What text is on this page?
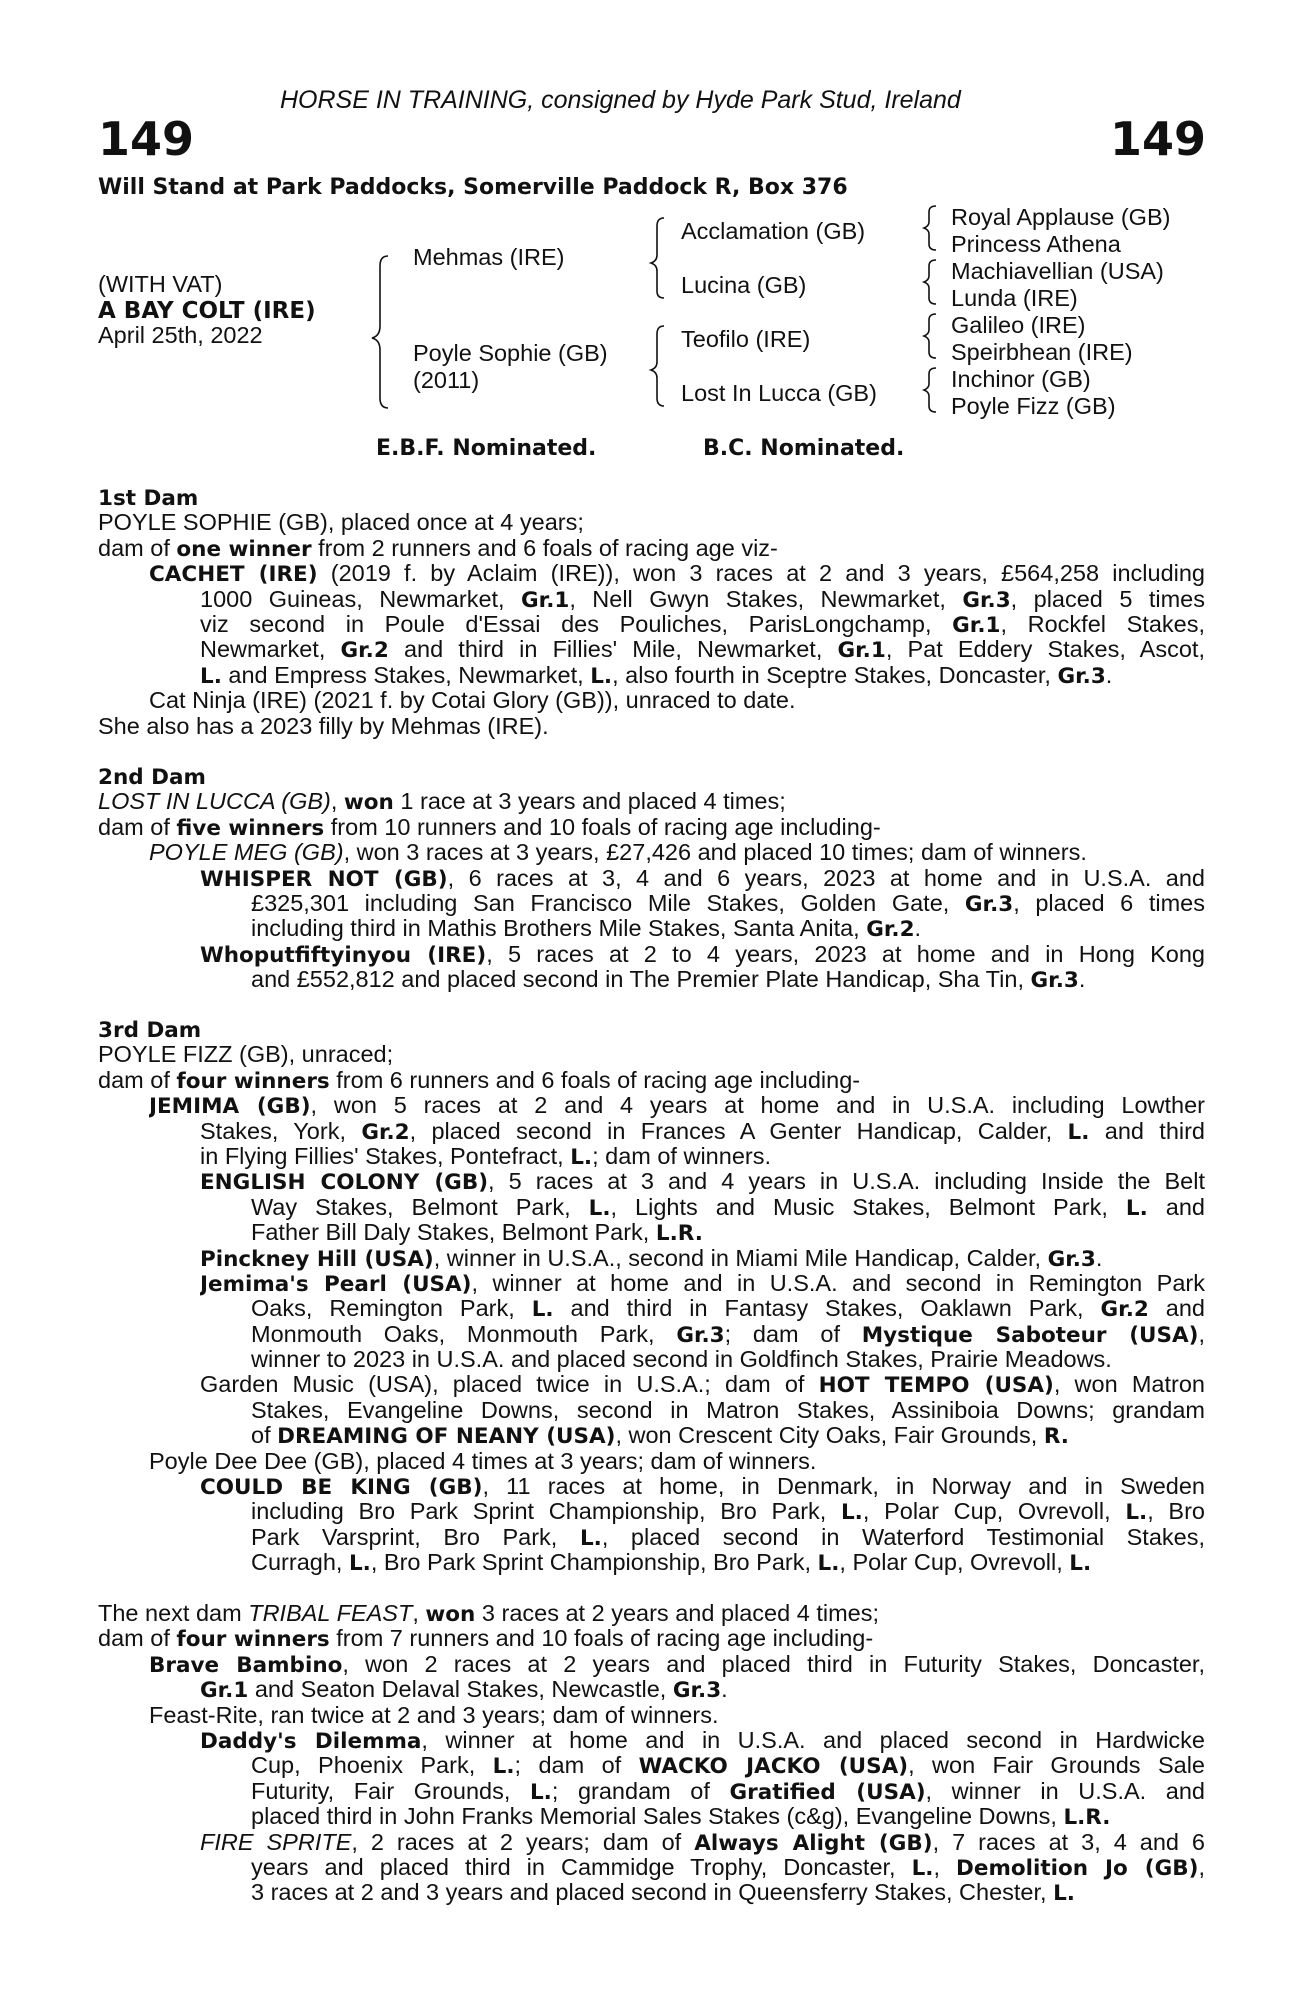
HORSE IN TRAINING, consigned by Hyde Park Stud, Ireland
149	149
Will Stand at Park Paddocks, Somerville Paddock R, Box 376
(WITH VAT)
A BAY COLT (IRE)
April 25th, 2022
Mehmas (IRE)
Poyle Sophie (GB)
(2011)
Acclamation (GB)
Lucina (GB)
Teofilo (IRE)
Lost In Lucca (GB)
Royal Applause (GB)
Princess Athena
Machiavellian (USA)
Lunda (IRE)
Galileo (IRE)
Speirbhean (IRE)
Inchinor (GB)
Poyle Fizz (GB)
E.B.F. Nominated.	B.C. Nominated.
1st Dam
POYLE SOPHIE (GB), placed once at 4 years;
dam of one winner from 2 runners and 6 foals of racing age viz-
CACHET (IRE) (2019 f. by Aclaim (IRE)), won 3 races at 2 and 3 years, £564,258 including
1000 Guineas, Newmarket, Gr.1, Nell Gwyn Stakes, Newmarket, Gr.3, placed 5 times
viz second in Poule d'Essai des Pouliches, ParisLongchamp, Gr.1, Rockfel Stakes,
Newmarket, Gr.2 and third in Fillies' Mile, Newmarket, Gr.1, Pat Eddery Stakes, Ascot,
L. and Empress Stakes, Newmarket, L., also fourth in Sceptre Stakes, Doncaster, Gr.3.
Cat Ninja (IRE) (2021 f. by Cotai Glory (GB)), unraced to date.
She also has a 2023 filly by Mehmas (IRE).
2nd Dam
LOST IN LUCCA (GB), won 1 race at 3 years and placed 4 times;
dam of five winners from 10 runners and 10 foals of racing age including-
POYLE MEG (GB), won 3 races at 3 years, £27,426 and placed 10 times; dam of winners.
WHISPER NOT (GB), 6 races at 3, 4 and 6 years, 2023 at home and in U.S.A. and
£325,301 including San Francisco Mile Stakes, Golden Gate, Gr.3, placed 6 times
including third in Mathis Brothers Mile Stakes, Santa Anita, Gr.2.
Whoputfiftyinyou (IRE), 5 races at 2 to 4 years, 2023 at home and in Hong Kong
and £552,812 and placed second in The Premier Plate Handicap, Sha Tin, Gr.3.
3rd Dam
POYLE FIZZ (GB), unraced;
dam of four winners from 6 runners and 6 foals of racing age including-
JEMIMA (GB), won 5 races at 2 and 4 years at home and in U.S.A. including Lowther
Stakes, York, Gr.2, placed second in Frances A Genter Handicap, Calder, L. and third
in Flying Fillies' Stakes, Pontefract, L.; dam of winners.
ENGLISH COLONY (GB), 5 races at 3 and 4 years in U.S.A. including Inside the Belt
Way Stakes, Belmont Park, L., Lights and Music Stakes, Belmont Park, L. and
Father Bill Daly Stakes, Belmont Park, L.R.
Pinckney Hill (USA), winner in U.S.A., second in Miami Mile Handicap, Calder, Gr.3.
Jemima's Pearl (USA), winner at home and in U.S.A. and second in Remington Park
Oaks, Remington Park, L. and third in Fantasy Stakes, Oaklawn Park, Gr.2 and
Monmouth Oaks, Monmouth Park, Gr.3; dam of Mystique Saboteur (USA),
winner to 2023 in U.S.A. and placed second in Goldfinch Stakes, Prairie Meadows.
Garden Music (USA), placed twice in U.S.A.; dam of HOT TEMPO (USA), won Matron
Stakes, Evangeline Downs, second in Matron Stakes, Assiniboia Downs; grandam
of DREAMING OF NEANY (USA), won Crescent City Oaks, Fair Grounds, R.
Poyle Dee Dee (GB), placed 4 times at 3 years; dam of winners.
COULD BE KING (GB), 11 races at home, in Denmark, in Norway and in Sweden
including Bro Park Sprint Championship, Bro Park, L., Polar Cup, Ovrevoll, L., Bro
Park Varsprint, Bro Park, L., placed second in Waterford Testimonial Stakes,
Curragh, L., Bro Park Sprint Championship, Bro Park, L., Polar Cup, Ovrevoll, L.
The next dam TRIBAL FEAST, won 3 races at 2 years and placed 4 times;
dam of four winners from 7 runners and 10 foals of racing age including-
Brave Bambino, won 2 races at 2 years and placed third in Futurity Stakes, Doncaster,
Gr.1 and Seaton Delaval Stakes, Newcastle, Gr.3.
Feast-Rite, ran twice at 2 and 3 years; dam of winners.
Daddy's Dilemma, winner at home and in U.S.A. and placed second in Hardwicke
Cup, Phoenix Park, L.; dam of WACKO JACKO (USA), won Fair Grounds Sale
Futurity, Fair Grounds, L.; grandam of Gratified (USA), winner in U.S.A. and
placed third in John Franks Memorial Sales Stakes (c&g), Evangeline Downs, L.R.
FIRE SPRITE, 2 races at 2 years; dam of Always Alight (GB), 7 races at 3, 4 and 6
years and placed third in Cammidge Trophy, Doncaster, L., Demolition Jo (GB),
3 races at 2 and 3 years and placed second in Queensferry Stakes, Chester, L.
